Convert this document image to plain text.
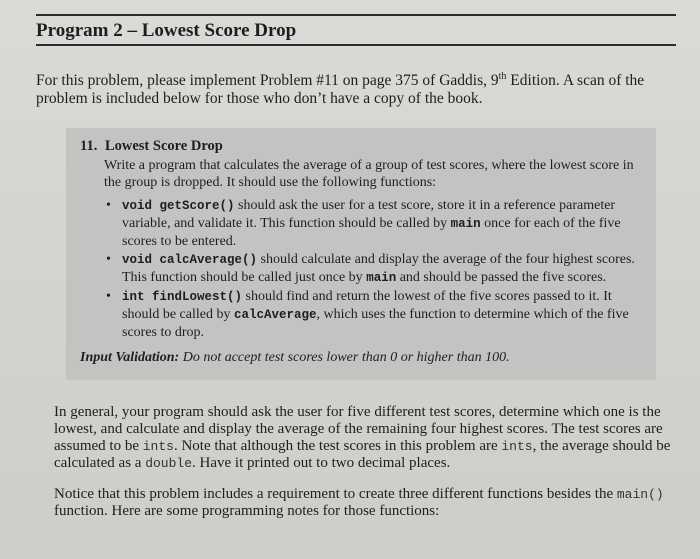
Program 2 – Lowest Score Drop

For this problem, please implement Problem #11 on page 375 of Gaddis, 9th Edition. A scan of the problem is included below for those who don’t have a copy of the book.

11. Lowest Score Drop

Write a program that calculates the average of a group of test scores, where the lowest score in the group is dropped. It should use the following functions:

• void getScore() should ask the user for a test score, store it in a reference parameter variable, and validate it. This function should be called by main once for each of the five scores to be entered.
• void calcAverage() should calculate and display the average of the four highest scores. This function should be called just once by main and should be passed the five scores.
• int findLowest() should find and return the lowest of the five scores passed to it. It should be called by calcAverage, which uses the function to determine which of the five scores to drop.

Input Validation: Do not accept test scores lower than 0 or higher than 100.

In general, your program should ask the user for five different test scores, determine which one is the lowest, and calculate and display the average of the remaining four highest scores. The test scores are assumed to be ints. Note that although the test scores in this problem are ints, the average should be calculated as a double. Have it printed out to two decimal places.

Notice that this problem includes a requirement to create three different functions besides the main() function. Here are some programming notes for those functions:
